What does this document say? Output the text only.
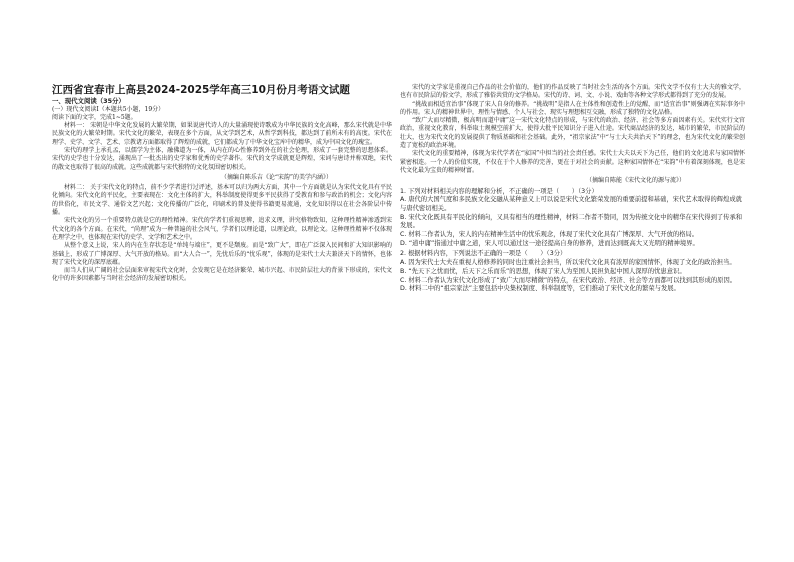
江西省宜春市上高县2024-2025学年高三10月份月考语文试题

一、现代文阅读（35分）

(一）现代文阅读Ⅰ（本题共5小题，19分）

阅读下面的文字，完成1~5题。

材料一： 宋朝是中华文化发展的大繁荣期，如果说唐代诗人的大量涌现使诗歌成为中华民族的文化高峰，那么宋代就是中华民族文化的大繁荣时期。宋代文化的繁荣，表现在多个方面，从文学到艺术，从哲学到科技，都达到了前所未有的高度。宋代在理学、史学、文学、艺术、宗教诸方面都取得了辉煌的成就，它们都成为了中华文化宝库中的精华，成为中国文化的瑰宝。

宋代的理学上承孔孟，以儒学为主体，融佛道为一体，从内在的心性修养到外在的社会伦理，形成了一套完整的思想体系。宋代的史学也十分发达，涌现出了一批杰出的史学家和优秀的史学著作。宋代的文学成就更是辉煌，宋词与唐诗并称双绝，宋代的散文也取得了很高的成就。这些成就都与宋代独特的文化氛围密切相关。

（摘编自陈乐吉《论“宋韵”的美学内涵》）

材料二： 关于宋代文化的特点，前不少学者进行过评述，基本可以归为两大方面，其中一个方面就是认为宋代文化具有平民化倾向。宋代文化的平民化，主要表现在：文化主体的扩大，科举制度使得更多平民获得了受教育和参与政治的机会；文化内容的世俗化，市民文学、通俗文艺兴起；文化传播的广泛化，印刷术的普及使得书籍更易流通，文化知识得以在社会各阶层中传播。

宋代文化的另一个重要特点就是它的理性精神。宋代的学者们重视思辨，追求义理，讲究格物致知，这种理性精神渗透到宋代文化的各个方面。在宋代，“尚理”成为一种普遍的社会风气，学者们以理论道，以理论政，以理论文。这种理性精神不仅体现在理学之中，也体现在宋代的史学、文学和艺术之中。

从整个意义上说，宋人的内在生存状态是“单纯与端庄”，更不是颓废。而是“致广大”，即在广泛深入民间和扩大知识影响的基础上，形成了广博深厚、大气开放的格局。而“大人合一”，先忧后乐的“忧乐观”，体现的是宋代士大夫兼济天下的情怀，也体现了宋代文化的深厚底蕴。

而当人们从广阔的社会层面来审视宋代文化时，会发现它是在经济繁荣、城市兴起、市民阶层壮大的背景下形成的，宋代文化中的许多因素都与当时社会经济的发展密切相关。

宋代的文学家是重视自己作品的社会价值的，他们的作品反映了当时社会生活的各个方面。宋代文学不仅有士大夫的雅文学，也有市民阶层的俗文学，形成了雅俗共赏的文学格局。宋代的诗、词、文、小说、戏曲等各种文学形式都得到了充分的发展。

“挑战而相适宜治事”体现了宋人自身的修养。“挑战明”是指人在主体性和创造性上的觉醒，而“适宜治事”则强调在实际事务中的作用。宋人的精神世界中，理性与情感、个人与社会、现实与理想相互交融，形成了独特的文化品格。

“致广大而尽精微，极高明而道中庸”这一宋代文化特点的形成，与宋代的政治、经济、社会等多方面因素有关。宋代实行文官政治，重视文化教育，科举取士规模空前扩大，使得大批平民知识分子进入仕途。宋代商品经济的发达，城市的繁荣，市民阶层的壮大，也为宋代文化的发展提供了物质基础和社会基础。此外，“祖宗家法”中“与士大夫共治天下”的理念，也为宋代文化的繁荣创造了宽松的政治环境。

宋代文化的重要精神，体现为宋代学者在“家国”中担当的社会责任感。宋代士大夫以天下为己任，他们的文化追求与家国情怀紧密相连。一个人的价值实现，不仅在于个人修养的完善，更在于对社会的贡献。这种家国情怀在“宋韵”中有着深刻体现，也是宋代文化最为宝贵的精神财富。

（摘编自陈能《宋代文化的源与流》）

1. 下列对材料相关内容的理解和分析，不正确的一项是（　　）（3分）

A. 唐代的大国气度和多民族文化交融从某种意义上可以说是宋代文化繁荣发展的重要前提和基础，宋代艺术取得的辉煌成就与唐代密切相关。

B. 宋代文化既具有平民化的倾向，又具有相当的理性精神，材料二作者不赞同，因为传统文化中的精华在宋代得到了传承和发展。

C. 材料二作者认为，宋人的内在精神生活中的忧乐观念，体现了宋代文化具有广博深厚、大气开放的格局。

D. “道中庸”指通过中庸之道，宋人可以通过这一途径提高自身的修养，进而达到既高大又光明的精神境界。

2. 根据材料内容，下列说法不正确的一项是（　　）（3分）

A. 因为宋代士大夫在重视人格修养的同时也注重社会担当，所以宋代文化具有浓厚的家国情怀，体现了文化的政治担当。

B. “先天下之忧而忧，后天下之乐而乐”的思想，体现了宋人为至国人民担负起中国人深厚的忧患意识。

C. 材料二作者认为宋代文化形成了“致广大而尽精微”的特点，在宋代政治、经济、社会等方面都可以找到其形成的原因。

D. 材料二中的“祖宗家法”主要包括中央集权制度、科举制度等，它们推动了宋代文化的繁荣与发展。
